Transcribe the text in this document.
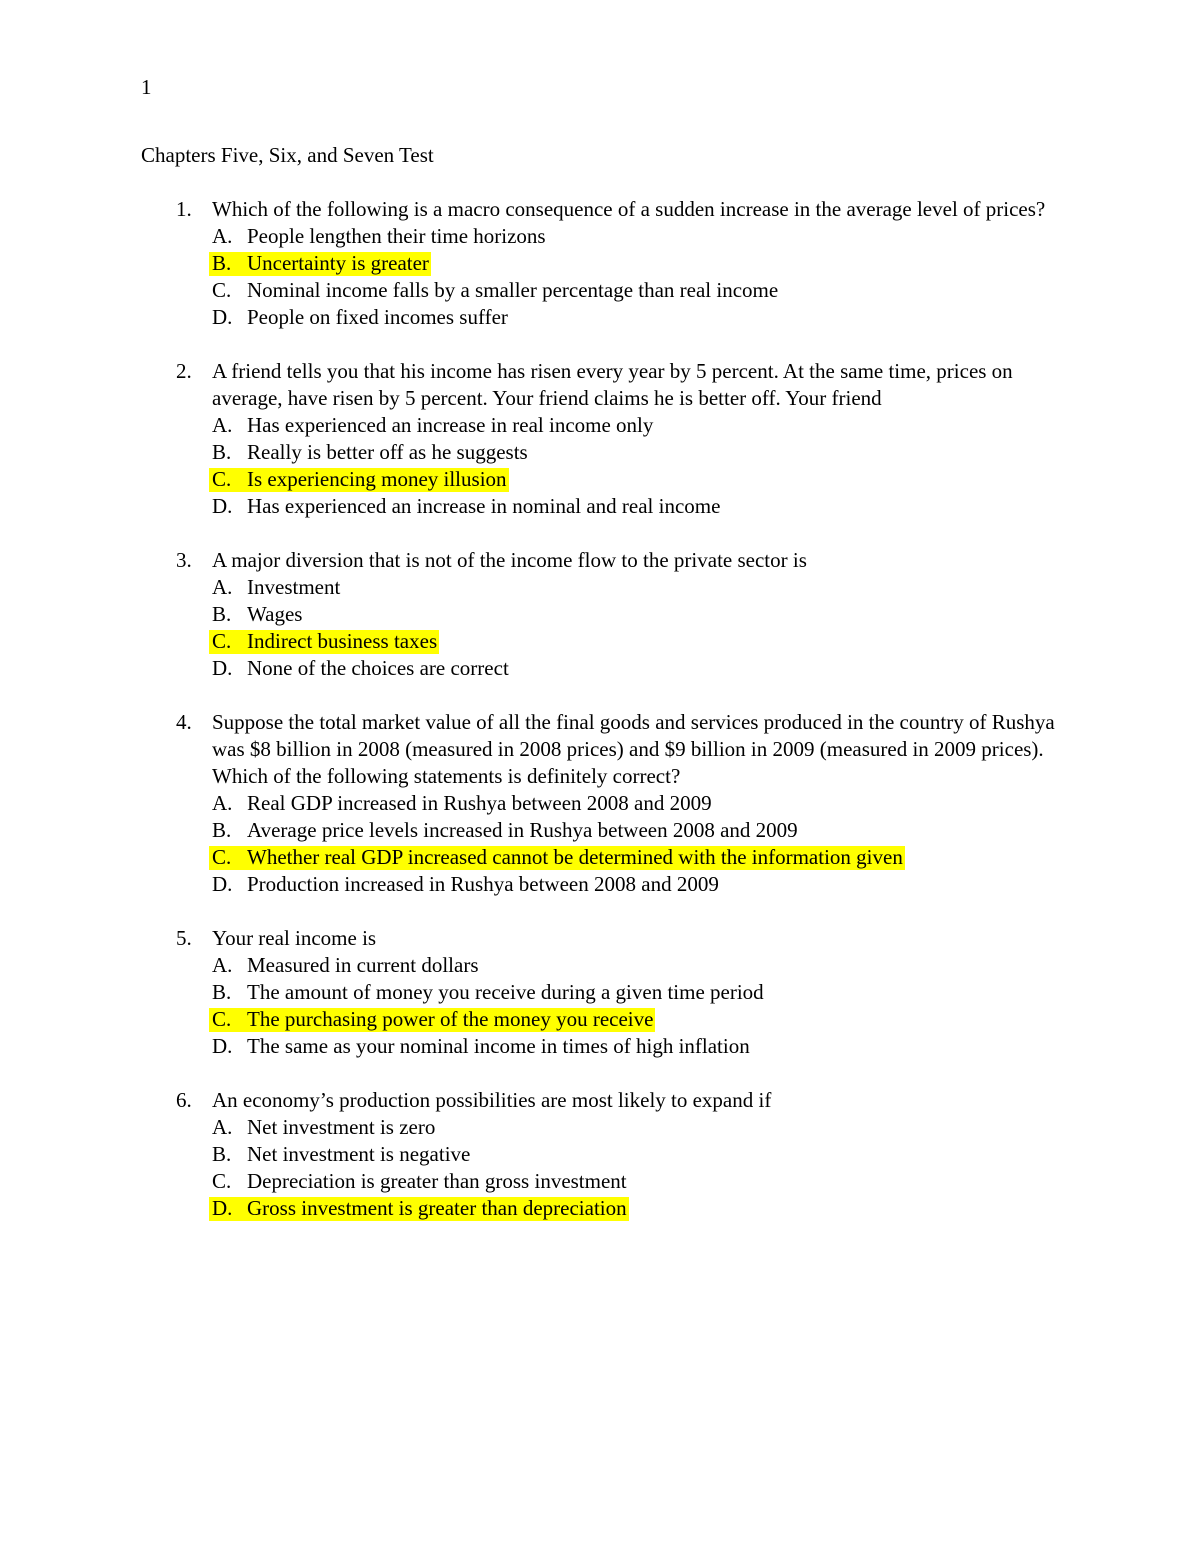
1
Chapters Five, Six, and Seven Test
1. Which of the following is a macro consequence of a sudden increase in the average level of prices?
A. People lengthen their time horizons
B. Uncertainty is greater
C. Nominal income falls by a smaller percentage than real income
D. People on fixed incomes suffer
2. A friend tells you that his income has risen every year by 5 percent. At the same time, prices on average, have risen by 5 percent. Your friend claims he is better off. Your friend
A. Has experienced an increase in real income only
B. Really is better off as he suggests
C. Is experiencing money illusion
D. Has experienced an increase in nominal and real income
3. A major diversion that is not of the income flow to the private sector is
A. Investment
B. Wages
C. Indirect business taxes
D. None of the choices are correct
4. Suppose the total market value of all the final goods and services produced in the country of Rushya was $8 billion in 2008 (measured in 2008 prices) and $9 billion in 2009 (measured in 2009 prices). Which of the following statements is definitely correct?
A. Real GDP increased in Rushya between 2008 and 2009
B. Average price levels increased in Rushya between 2008 and 2009
C. Whether real GDP increased cannot be determined with the information given
D. Production increased in Rushya between 2008 and 2009
5. Your real income is
A. Measured in current dollars
B. The amount of money you receive during a given time period
C. The purchasing power of the money you receive
D. The same as your nominal income in times of high inflation
6. An economy’s production possibilities are most likely to expand if
A. Net investment is zero
B. Net investment is negative
C. Depreciation is greater than gross investment
D. Gross investment is greater than depreciation
